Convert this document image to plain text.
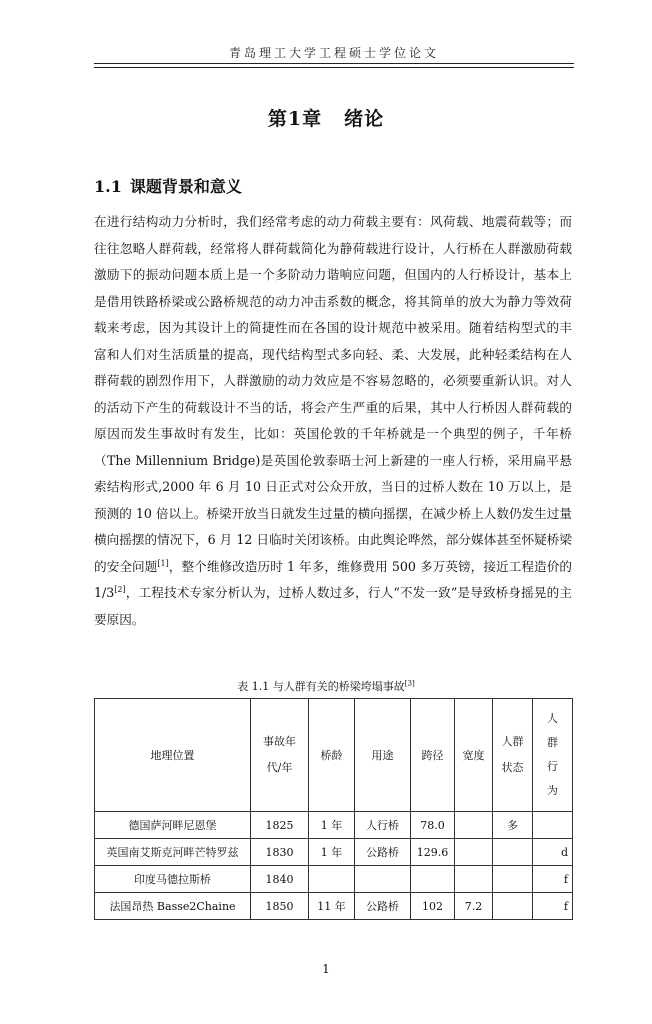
青岛理工大学工程硕士学位论文
第1章 绪论
1.1 课题背景和意义

在进行结构动力分析时，我们经常考虑的动力荷载主要有：风荷载、地震荷载等；而往往忽略人群荷载，经常将人群荷载简化为静荷载进行设计，人行桥在人群激励荷载激励下的振动问题本质上是一个多阶动力谐响应问题，但国内的人行桥设计，基本上是借用铁路桥梁或公路桥规范的动力冲击系数的概念，将其简单的放大为静力等效荷载来考虑，因为其设计上的简捷性而在各国的设计规范中被采用。随着结构型式的丰富和人们对生活质量的提高，现代结构型式多向轻、柔、大发展，此种轻柔结构在人群荷载的剧烈作用下，人群激励的动力效应是不容易忽略的，必须要重新认识。对人的活动下产生的荷载设计不当的话，将会产生严重的后果，其中人行桥因人群荷载的原因而发生事故时有发生，比如：英国伦敦的千年桥就是一个典型的例子，千年桥（The Millennium Bridge)是英国伦敦泰晤士河上新建的一座人行桥，采用扁平悬索结构形式,2000 年 6 月 10 日正式对公众开放，当日的过桥人数在 10 万以上，是预测的 10 倍以上。桥梁开放当日就发生过量的横向摇摆，在减少桥上人数仍发生过量横向摇摆的情况下，6 月 12 日临时关闭该桥。由此舆论哗然，部分媒体甚至怀疑桥梁的安全问题[1]，整个维修改造历时 1 年多，维修费用 500 多万英镑，接近工程造价的 1/3[2]，工程技术专家分析认为，过桥人数过多，行人“不发一致”是导致桥身摇晃的主要原因。

表 1.1 与人群有关的桥梁垮塌事故[3]
地理位置	事故年代/年	桥龄	用途	跨径	宽度	人群状态	人群行为

德国萨河畔尼恩堡	1825	1 年	人行桥	78.0		多	
英国南艾斯克河畔芒特罗兹	1830	1 年	公路桥	129.6			d
印度马德拉斯桥	1840						f
法国昂热 Basse2Chaine	1850	11 年	公路桥	102	7.2		f
1
